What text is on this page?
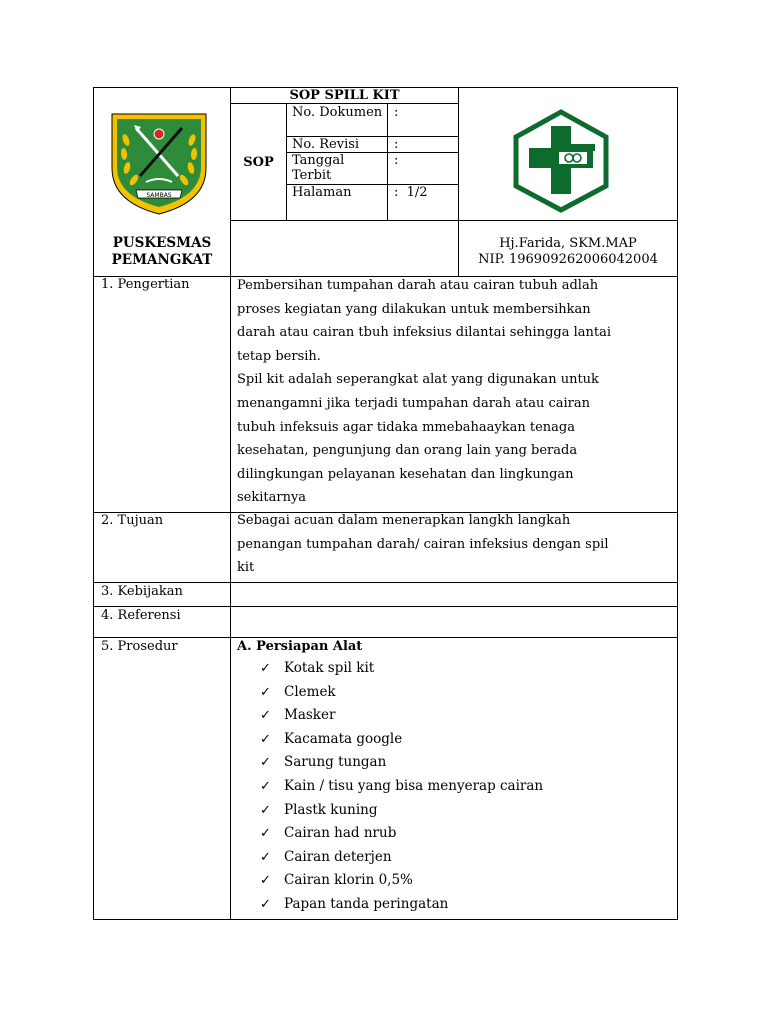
SAMBAS
PUSKESMAS
PEMANGKAT
SOP SPILL KIT
SOP
No. Dokumen :
No. Revisi	:
Tanggal Terbit
:
Halaman	:  1/2
Hj.Farida, SKM.MAP
NIP. 196909262006042004
1. Pengertian	Pembersihan tumpahan darah atau cairan tubuh adlah
proses kegiatan yang dilakukan untuk membersihkan
darah atau cairan tbuh infeksius dilantai sehingga lantai
tetap bersih.
Spil kit adalah seperangkat alat yang digunakan untuk
menangamni jika terjadi tumpahan darah atau cairan
tubuh infeksuis agar tidaka mmebahaaykan tenaga
kesehatan, pengunjung dan orang lain yang berada
dilingkungan pelayanan kesehatan dan lingkungan
sekitarnya
2. Tujuan	Sebagai acuan dalam menerapkan langkh langkah
penangan tumpahan darah/ cairan infeksius dengan spil
kit
3. Kebijakan
4. Referensi
5. Prosedur	A. Persiapan Alat
✓ Kotak spil kit
✓ Clemek
✓ Masker
✓ Kacamata google
✓ Sarung tungan
✓ Kain / tisu yang bisa menyerap cairan
✓ Plastk kuning
✓ Cairan had nrub
✓ Cairan deterjen
✓ Cairan klorin 0,5%
✓ Papan tanda peringatan
